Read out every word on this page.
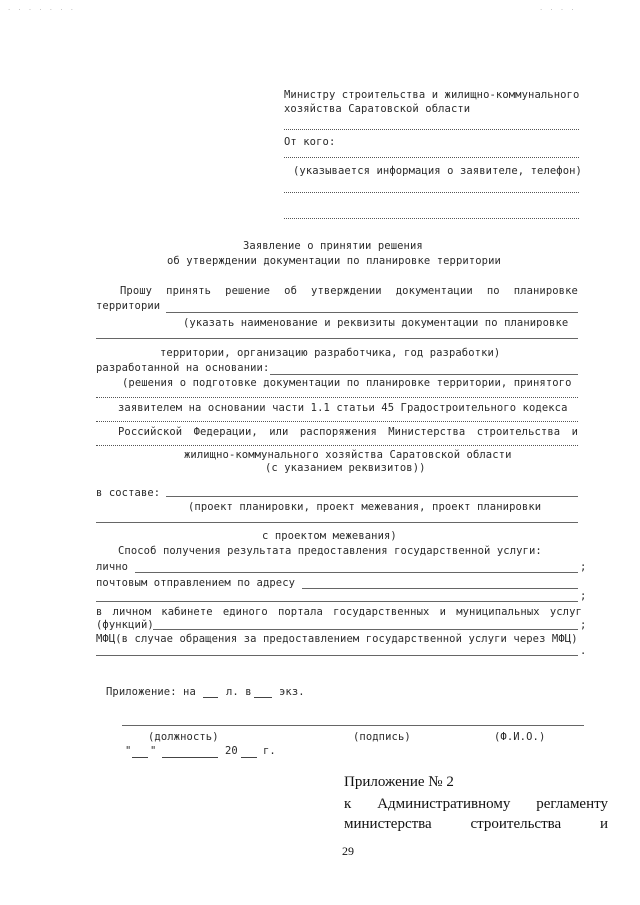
· · · · · · ·	· · · ·
Министру строительства и жилищно-коммунального
хозяйства Саратовской области
От кого:
(указывается информация о заявителе, телефон)
Заявление о принятии решения
об утверждении документации по планировке территории
Прошу принять решение об утверждении документации по планировке
территории
(указать наименование и реквизиты документации по планировке
территории, организацию разработчика, год разработки)
разработанной на основании:
(решения о подготовке документации по планировке территории, принятого
заявителем на основании части 1.1 статьи 45 Градостроительного кодекса
Российской Федерации, или распоряжения Министерства строительства и
жилищно-коммунального хозяйства Саратовской области
(с указанием реквизитов))
в составе:
(проект планировки, проект межевания, проект планировки
с проектом межевания)
Способ получения результата предоставления государственной услуги:
лично	;
почтовым отправлением по адресу
;
в личном кабинете единого портала государственных и муниципальных услуг
(функций)	;
МФЦ(в случае обращения за предоставлением государственной услуги через МФЦ)
.
Приложение: на	л. в	экз.
(должность)	(подпись)	(Ф.И.О.)
" "	20 г.
Приложение № 2
к Административному регламенту
министерства	строительства	и
29
